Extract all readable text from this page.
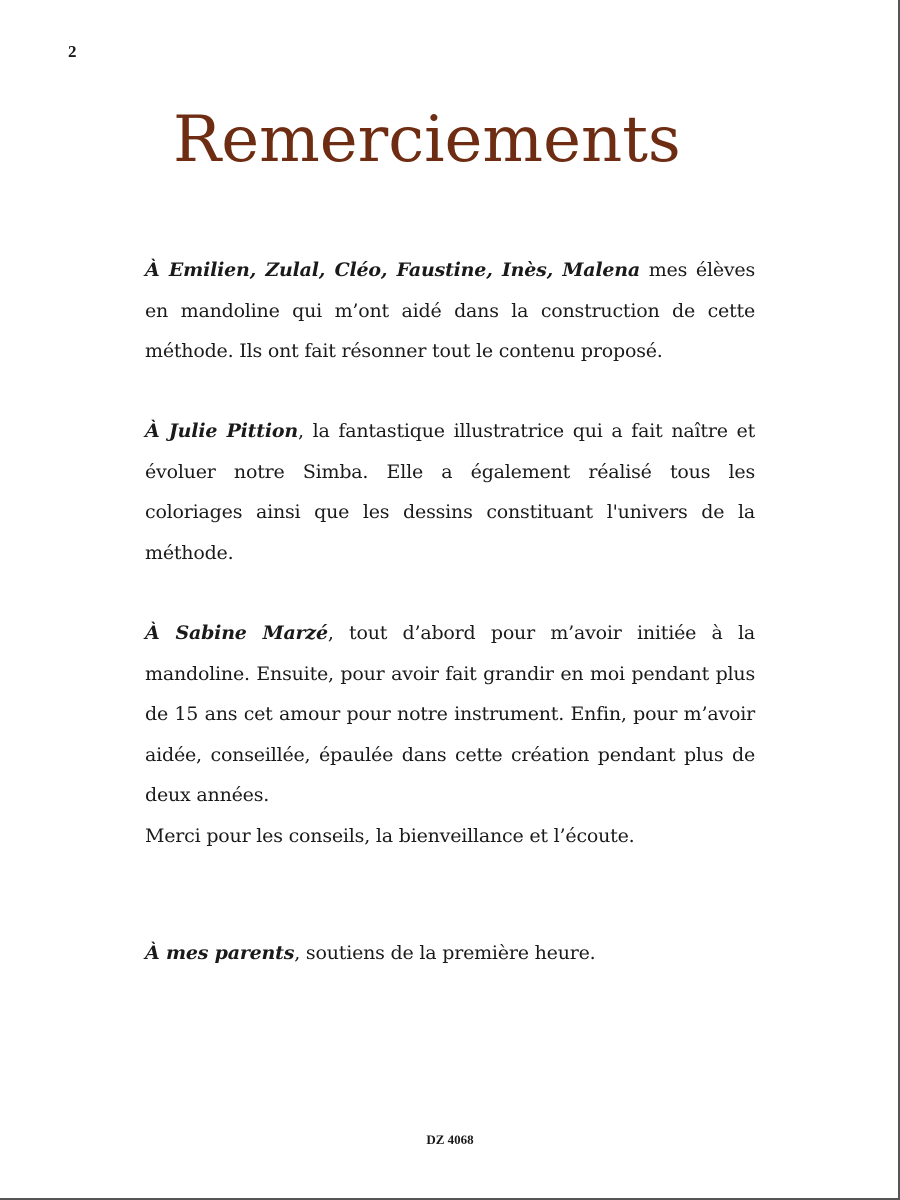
2
Remerciements

À Emilien, Zulal, Cléo, Faustine, Inès, Malena mes élèves en mandoline qui m’ont aidé dans la construction de cette méthode. Ils ont fait résonner tout le contenu proposé.

À Julie Pittion, la fantastique illustratrice qui a fait naître et évoluer notre Simba. Elle a également réalisé tous les coloriages ainsi que les dessins constituant l'univers de la méthode.

À Sabine Marzé, tout d’abord pour m’avoir initiée à la mandoline. Ensuite, pour avoir fait grandir en moi pendant plus de 15 ans cet amour pour notre instrument. Enfin, pour m’avoir aidée, conseillée, épaulée dans cette création pendant plus de deux années.

Merci pour les conseils, la bienveillance et l’écoute.

À mes parents, soutiens de la première heure.

DZ 4068
